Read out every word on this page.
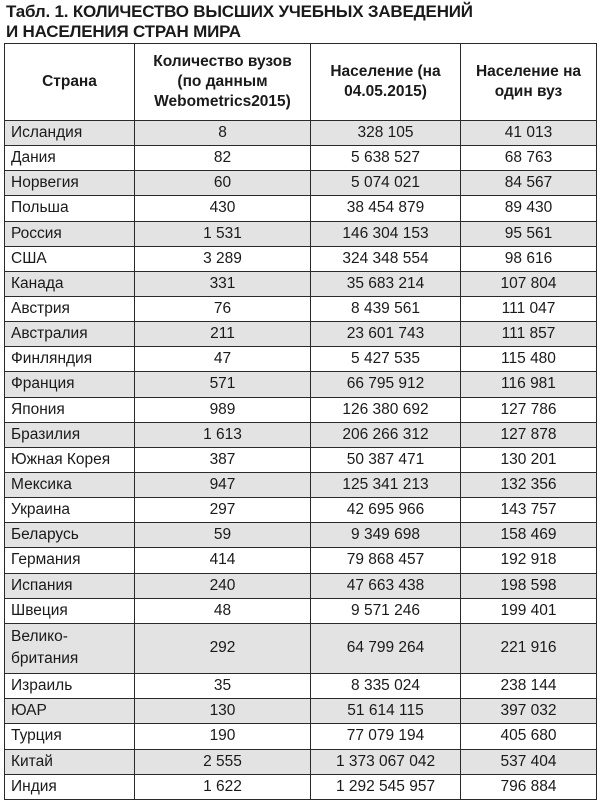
Табл. 1. КОЛИЧЕСТВО ВЫСШИХ УЧЕБНЫХ ЗАВЕДЕНИЙ
И НАСЕЛЕНИЯ СТРАН МИРА
Страна	Количество вузов (по данным Webometrics2015)	Население (на 04.05.2015)	Население на один вуз
Исландия	8	328 105	41 013
Дания	82	5 638 527	68 763
Норвегия	60	5 074 021	84 567
Польша	430	38 454 879	89 430
Россия	1 531	146 304 153	95 561
США	3 289	324 348 554	98 616
Канада	331	35 683 214	107 804
Австрия	76	8 439 561	111 047
Австралия	211	23 601 743	111 857
Финляндия	47	5 427 535	115 480
Франция	571	66 795 912	116 981
Япония	989	126 380 692	127 786
Бразилия	1 613	206 266 312	127 878
Южная Корея	387	50 387 471	130 201
Мексика	947	125 341 213	132 356
Украина	297	42 695 966	143 757
Беларусь	59	9 349 698	158 469
Германия	414	79 868 457	192 918
Испания	240	47 663 438	198 598
Швеция	48	9 571 246	199 401
Велико-
британия	292	64 799 264	221 916
Израиль	35	8 335 024	238 144
ЮАР	130	51 614 115	397 032
Турция	190	77 079 194	405 680
Китай	2 555	1 373 067 042	537 404
Индия	1 622	1 292 545 957	796 884
